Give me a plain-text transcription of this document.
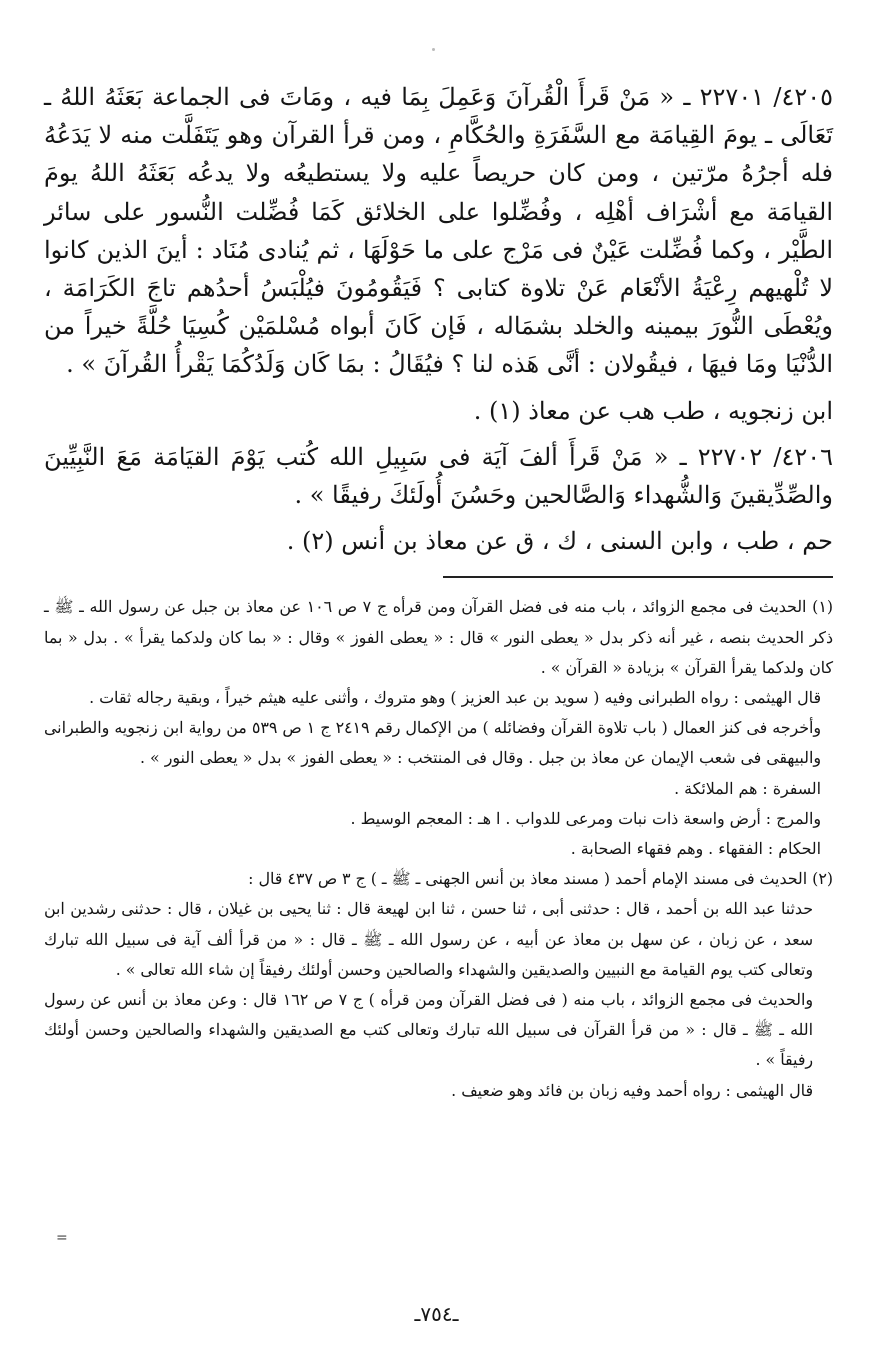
٤٢٠٥/ ٢٢٧٠١ ـ « مَنْ قَرأَ الْقُرآنَ وَعَمِلَ بِمَا فيه ، ومَاتَ فى الجماعة بَعَثَهُ اللهُ ـ تَعَالَى ـ يومَ القِيامَة مع السَّفَرَةِ والحُكَّامِ ، ومن قرأ القرآن وهو يَتَفَلَّت منه لا يَدَعُهُ فله أجرُهُ مرّتين ، ومن كان حريصاً عليه ولا يستطيعُه ولا يدعُه بَعَثَهُ اللهُ يومَ القيامَة مع أشْرَاف أهْلِه ، وفُضِّلوا على الخلائق كَمَا فُضِّلت النُّسور على سائر الطَّيْر ، وكما فُضِّلت عَيْنٌ فى مَرْج على ما حَوْلَهَا ، ثم يُنادى مُنَاد : أينَ الذين كانوا لا تُلْهيهم رِعْيَةُ الأنْعَام عَنْ تلاوة كتابى ؟ فَيَقُومُونَ فيُلْبَسُ أحدُهم تاجَ الكَرَامَة ، ويُعْطَى النُّورَ بيمينه والخلد بشمَاله ، فَإن كَانَ أبواه مُسْلمَيْن كُسِيَا حُلَّةً خيراً من الدُّنْيَا ومَا فيهَا ، فيقُولان : أنَّى هَذه لنا ؟ فيُقَالُ : بمَا كَان وَلَدُكُمَا يَقْرأُ القُرآنَ » .

ابن زنجويه ، طب هب عن معاذ (١) .

٤٢٠٦/ ٢٢٧٠٢ ـ « مَنْ قَرأَ ألفَ آيَة فى سَبِيلِ الله كُتب يَوْمَ القيَامَة مَعَ النَّبِيِّينَ والصِّدِّيقينَ وَالشُّهداء وَالصَّالحين وحَسُنَ أُولَئكَ رفيقًا » .

حم ، طب ، وابن السنى ، ك ، ق عن معاذ بن أنس (٢) .

(١) الحديث فى مجمع الزوائد ، باب منه فى فضل القرآن ومن قرأه ج ٧ ص ١٠٦ عن معاذ بن جبل عن رسول الله ـ ﷺ ـ ذكر الحديث بنصه ، غير أنه ذكر بدل « يعطى النور » قال : « يعطى الفوز » وقال : « بما كان ولدكما يقرأ » . بدل « بما كان ولدكما يقرأ القرآن » بزيادة « القرآن » .

قال الهيثمى : رواه الطبرانى وفيه ( سويد بن عبد العزيز ) وهو متروك ، وأثنى عليه هيثم خيراً ، وبقية رجاله ثقات .

وأخرجه فى كنز العمال ( باب تلاوة القرآن وفضائله ) من الإكمال رقم ٢٤١٩ ج ١ ص ٥٣٩ من رواية ابن زنجويه والطبرانى والبيهقى فى شعب الإيمان عن معاذ بن جبل . وقال فى المنتخب : « يعطى الفوز » بدل « يعطى النور » .

السفرة : هم الملائكة .

والمرج : أرض واسعة ذات نبات ومرعى للدواب . ا هـ : المعجم الوسيط .

الحكام : الفقهاء . وهم فقهاء الصحابة .

(٢) الحديث فى مسند الإمام أحمد ( مسند معاذ بن أنس الجهنى ـ ﷺ ـ ) ج ٣ ص ٤٣٧ قال :

حدثنا عبد الله بن أحمد ، قال : حدثنى أبى ، ثنا حسن ، ثنا ابن لهيعة قال : ثنا يحيى بن غيلان ، قال : حدثنى رشدين ابن سعد ، عن زبان ، عن سهل بن معاذ عن أبيه ، عن رسول الله ـ ﷺ ـ قال : « من قرأ ألف آية فى سبيل الله تبارك وتعالى كتب يوم القيامة مع النبيين والصديقين والشهداء والصالحين وحسن أولئك رفيقاً إن شاء الله تعالى » .

والحديث فى مجمع الزوائد ، باب منه ( فى فضل القرآن ومن قرأه ) ج ٧ ص ١٦٢ قال : وعن معاذ بن أنس عن رسول الله ـ ﷺ ـ قال : « من قرأ القرآن فى سبيل الله تبارك وتعالى كتب مع الصديقين والشهداء والصالحين وحسن أولئك رفيقاً » .

قال الهيثمى : رواه أحمد وفيه زبان بن فائد وهو ضعيف .

=
ـ٧٥٤ـ
